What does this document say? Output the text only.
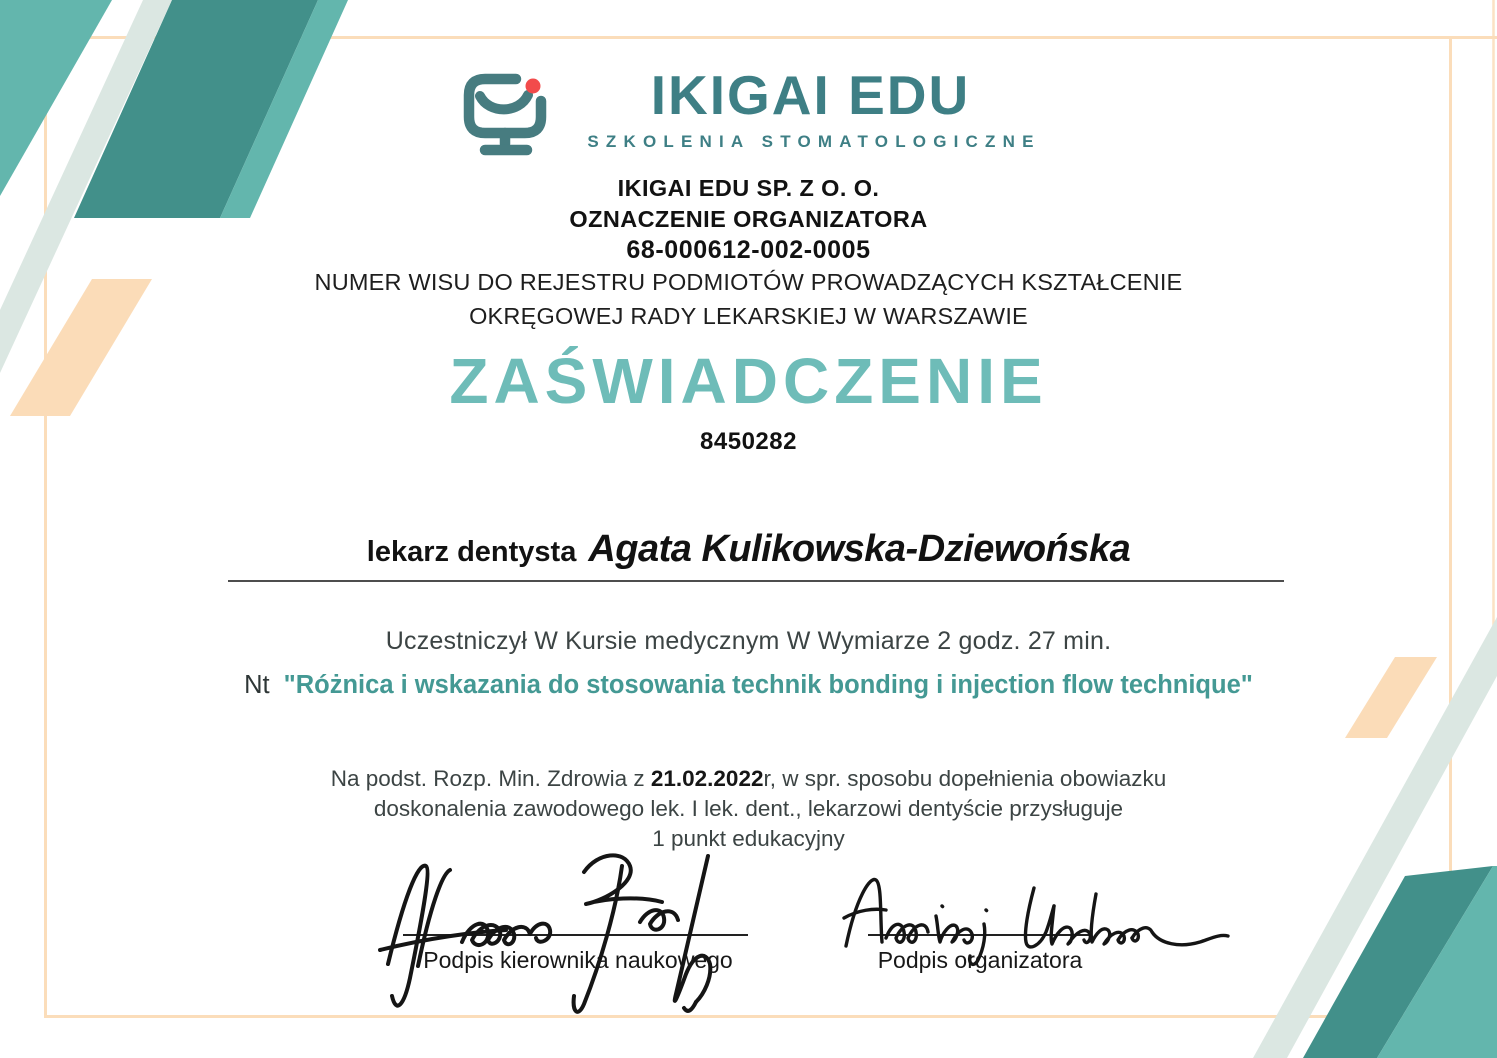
IKIGAI EDU
SZKOLENIA STOMATOLOGICZNE
IKIGAI EDU SP. Z O. O.
OZNACZENIE ORGANIZATORA
68-000612-002-0005
NUMER WISU DO REJESTRU PODMIOTÓW PROWADZĄCYCH KSZTAŁCENIE
OKRĘGOWEJ RADY LEKARSKIEJ W WARSZAWIE
ZAŚWIADCZENIE
8450282
lekarz dentysta Agata Kulikowska-Dziewońska
Uczestniczył W Kursie medycznym W Wymiarze 2 godz. 27 min.
Nt "Różnica i wskazania do stosowania technik bonding i injection flow technique"
Na podst. Rozp. Min. Zdrowia z 21.02.2022r, w spr. sposobu dopełnienia obowiazku
doskonalenia zawodowego lek. I lek. dent., lekarzowi dentyście przysługuje
1 punkt edukacyjny
Podpis kierownika naukowego	Podpis organizatora
